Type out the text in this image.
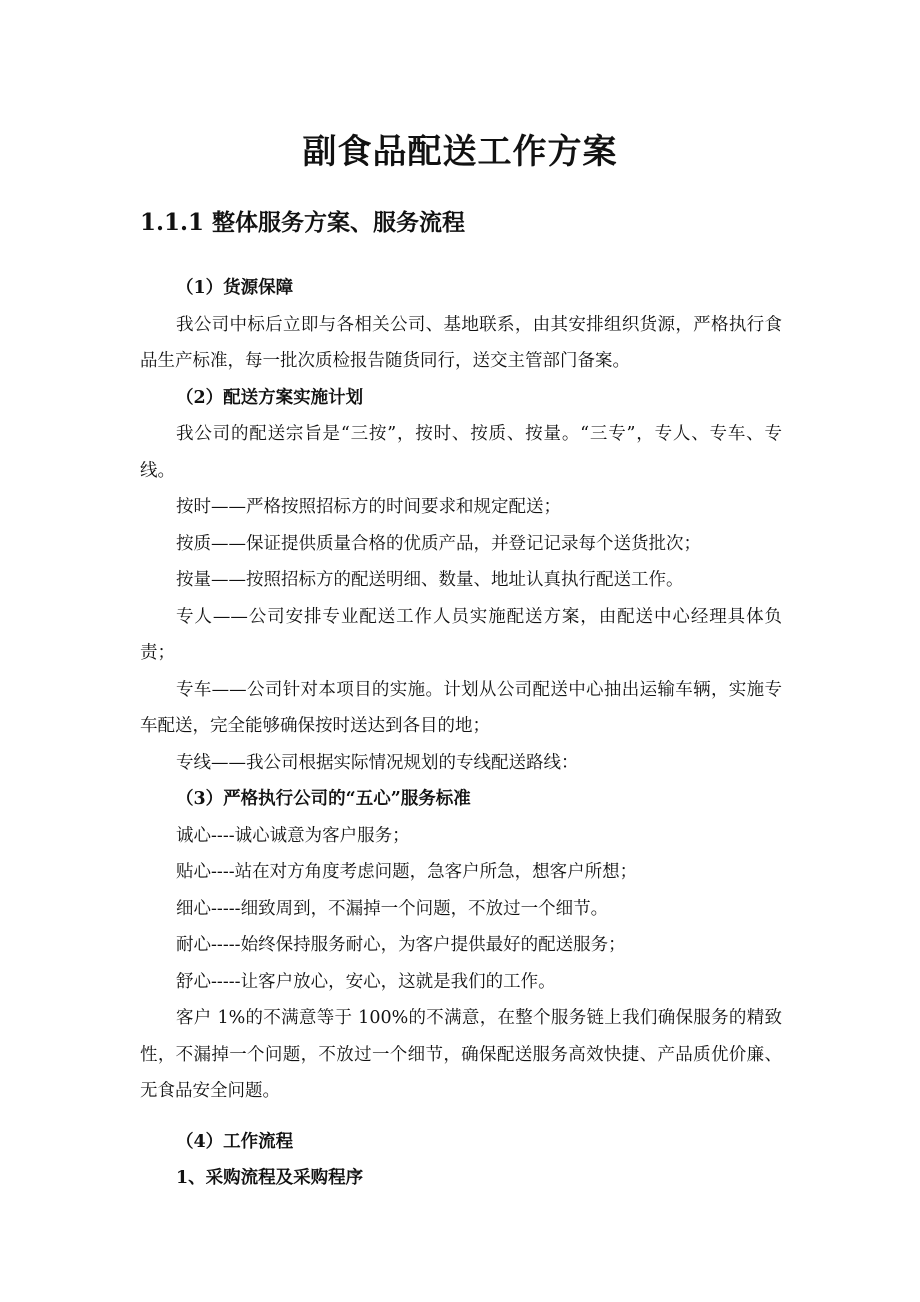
副食品配送工作方案
1.1.1 整体服务方案、服务流程

（1）货源保障

我公司中标后立即与各相关公司、基地联系，由其安排组织货源，严格执行食品生产标准，每一批次质检报告随货同行，送交主管部门备案。

（2）配送方案实施计划

我公司的配送宗旨是“三按”，按时、按质、按量。“三专”，专人、专车、专线。

按时——严格按照招标方的时间要求和规定配送；

按质——保证提供质量合格的优质产品，并登记记录每个送货批次；

按量——按照招标方的配送明细、数量、地址认真执行配送工作。

专人——公司安排专业配送工作人员实施配送方案，由配送中心经理具体负责；

专车——公司针对本项目的实施。计划从公司配送中心抽出运输车辆，实施专车配送，完全能够确保按时送达到各目的地；

专线——我公司根据实际情况规划的专线配送路线：

（3）严格执行公司的“五心”服务标准

诚心----诚心诚意为客户服务；

贴心----站在对方角度考虑问题，急客户所急，想客户所想；

细心-----细致周到，不漏掉一个问题，不放过一个细节。

耐心-----始终保持服务耐心，为客户提供最好的配送服务；

舒心-----让客户放心，安心，这就是我们的工作。

客户 1%的不满意等于 100%的不满意，在整个服务链上我们确保服务的精致性，不漏掉一个问题，不放过一个细节，确保配送服务高效快捷、产品质优价廉、无食品安全问题。

（4）工作流程

1、采购流程及采购程序
